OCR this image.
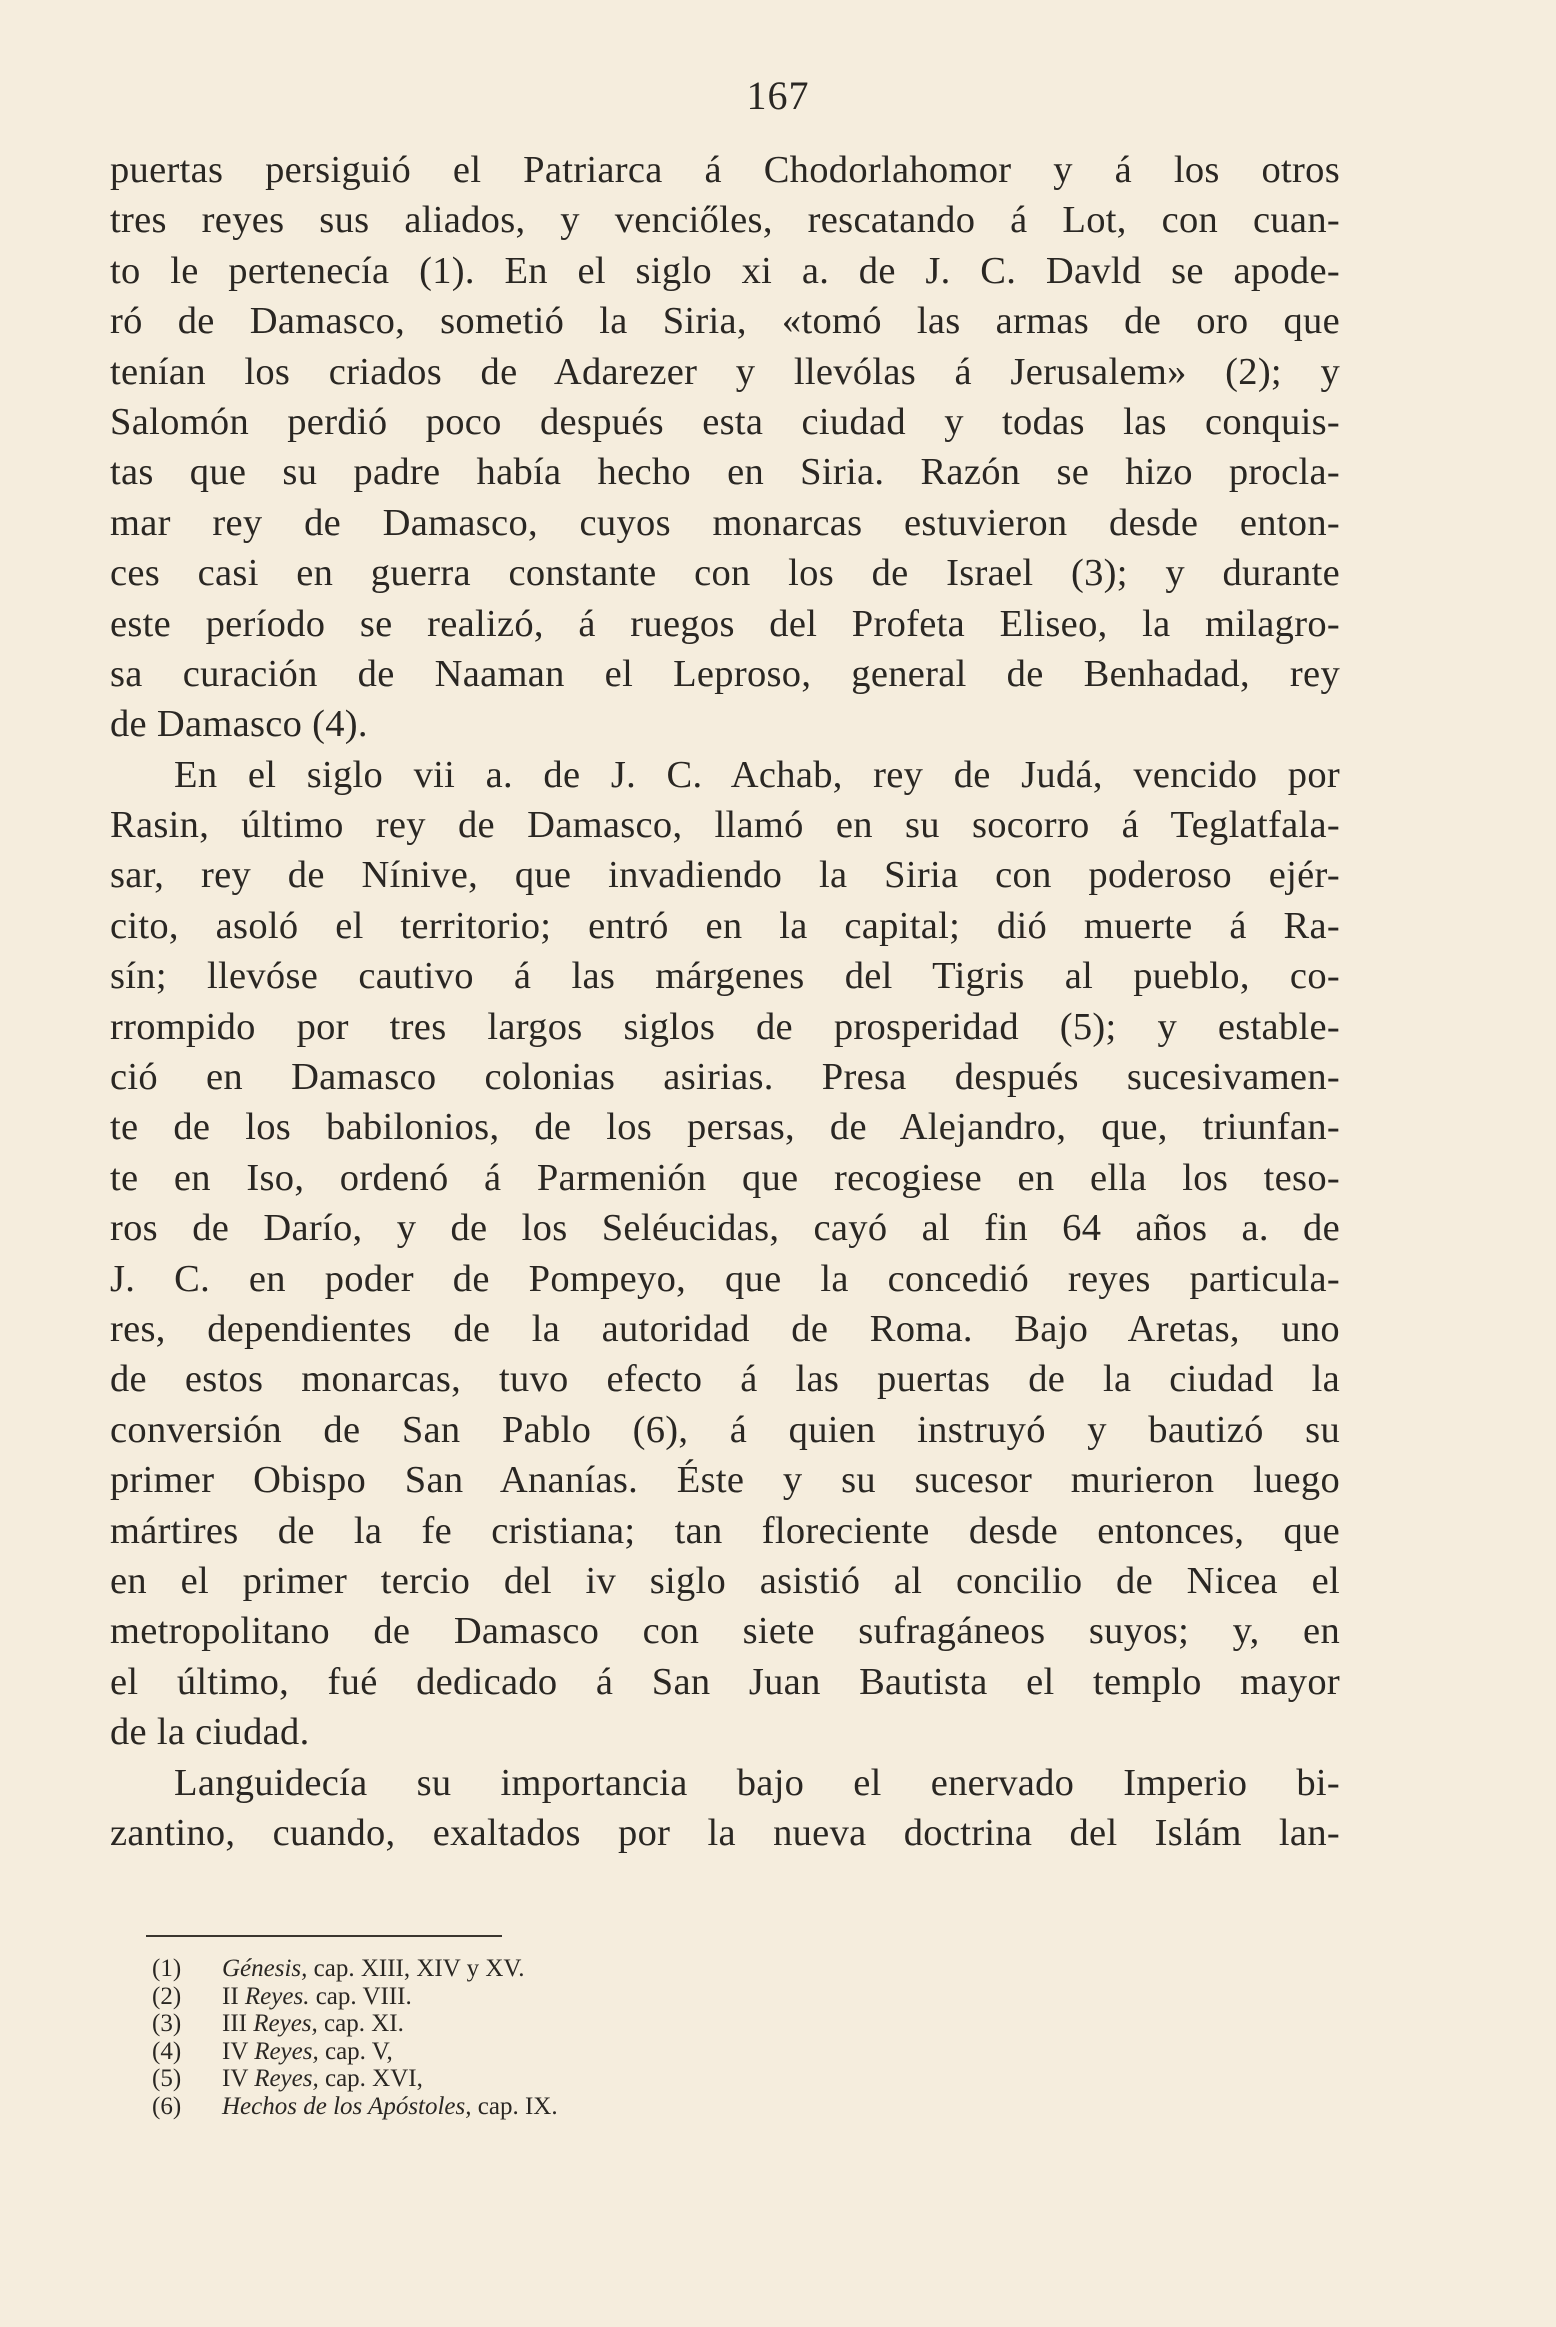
167
puertas persiguió el Patriarca á Chodorlahomor y á los otros
tres reyes sus aliados, y venciőles, rescatando á Lot, con cuan-
to le pertenecía (1). En el siglo xi a. de J. C. Davld se apode-
ró de Damasco, sometió la Siria, «tomó las armas de oro que
tenían los criados de Adarezer y llevólas á Jerusalem» (2); y
Salomón perdió poco después esta ciudad y todas las conquis-
tas que su padre había hecho en Siria. Razón se hizo procla-
mar rey de Damasco, cuyos monarcas estuvieron desde enton-
ces casi en guerra constante con los de Israel (3); y durante
este período se realizó, á ruegos del Profeta Eliseo, la milagro-
sa curación de Naaman el Leproso, general de Benhadad, rey
de Damasco (4).
En el siglo vii a. de J. C. Achab, rey de Judá, vencido por
Rasin, último rey de Damasco, llamó en su socorro á Teglatfala-
sar, rey de Nínive, que invadiendo la Siria con poderoso ejér-
cito, asoló el territorio; entró en la capital; dió muerte á Ra-
sín; llevóse cautivo á las márgenes del Tigris al pueblo, co-
rrompido por tres largos siglos de prosperidad (5); y estable-
ció en Damasco colonias asirias. Presa después sucesivamen-
te de los babilonios, de los persas, de Alejandro, que, triunfan-
te en Iso, ordenó á Parmenión que recogiese en ella los teso-
ros de Darío, y de los Seléucidas, cayó al fin 64 años a. de
J. C. en poder de Pompeyo, que la concedió reyes particula-
res, dependientes de la autoridad de Roma. Bajo Aretas, uno
de estos monarcas, tuvo efecto á las puertas de la ciudad la
conversión de San Pablo (6), á quien instruyó y bautizó su
primer Obispo San Ananías. Éste y su sucesor murieron luego
mártires de la fe cristiana; tan floreciente desde entonces, que
en el primer tercio del iv siglo asistió al concilio de Nicea el
metropolitano de Damasco con siete sufragáneos suyos; y, en
el último, fué dedicado á San Juan Bautista el templo mayor
de la ciudad.
Languidecía su importancia bajo el enervado Imperio bi-
zantino, cuando, exaltados por la nueva doctrina del Islám lan-
(1) Génesis, cap. XIII, XIV y XV.
(2) II Reyes. cap. VIII.
(3) III Reyes, cap. XI.
(4) IV Reyes, cap. V,
(5) IV Reyes, cap. XVI,
(6) Hechos de los Apóstoles, cap. IX.
